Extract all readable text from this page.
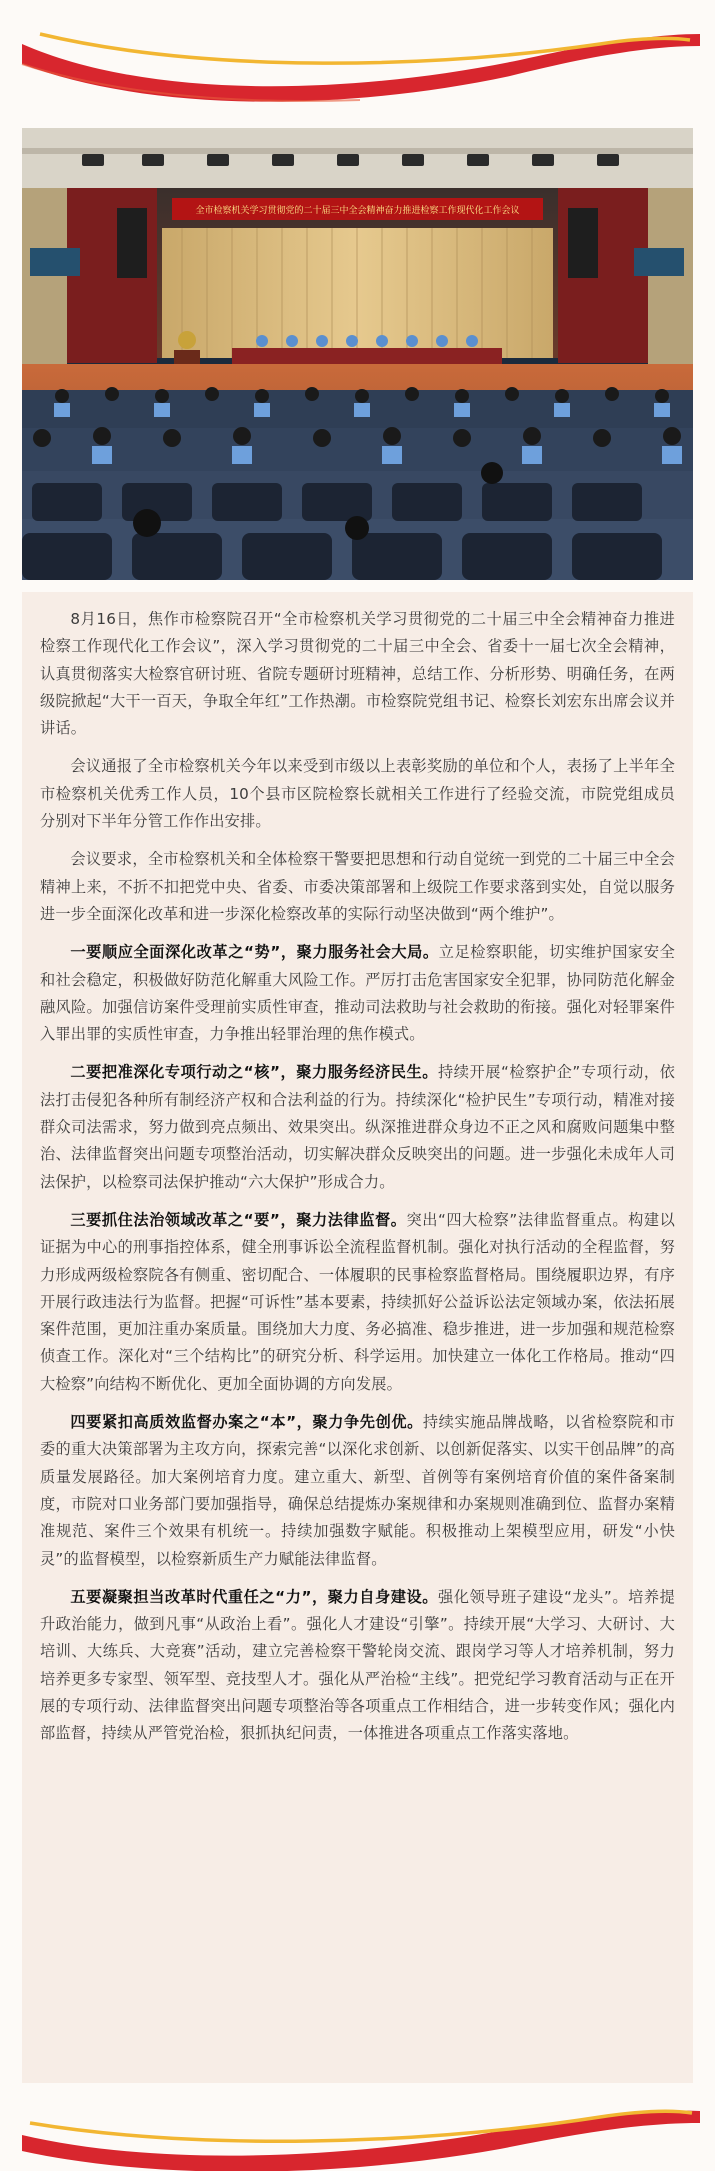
全市检察机关学习贯彻党的二十届三中全会精神奋力推进检察工作现代化工作会议

8月16日，焦作市检察院召开“全市检察机关学习贯彻党的二十届三中全会精神奋力推进检察工作现代化工作会议”，深入学习贯彻党的二十届三中全会、省委十一届七次全会精神，认真贯彻落实大检察官研讨班、省院专题研讨班精神，总结工作、分析形势、明确任务，在两级院掀起“大干一百天，争取全年红”工作热潮。市检察院党组书记、检察长刘宏东出席会议并讲话。

会议通报了全市检察机关今年以来受到市级以上表彰奖励的单位和个人，表扬了上半年全市检察机关优秀工作人员，10个县市区院检察长就相关工作进行了经验交流，市院党组成员分别对下半年分管工作作出安排。

会议要求，全市检察机关和全体检察干警要把思想和行动自觉统一到党的二十届三中全会精神上来，不折不扣把党中央、省委、市委决策部署和上级院工作要求落到实处，自觉以服务进一步全面深化改革和进一步深化检察改革的实际行动坚决做到“两个维护”。

一要顺应全面深化改革之“势”，聚力服务社会大局。立足检察职能，切实维护国家安全和社会稳定，积极做好防范化解重大风险工作。严厉打击危害国家安全犯罪，协同防范化解金融风险。加强信访案件受理前实质性审查，推动司法救助与社会救助的衔接。强化对轻罪案件入罪出罪的实质性审查，力争推出轻罪治理的焦作模式。

二要把准深化专项行动之“核”，聚力服务经济民生。持续开展“检察护企”专项行动，依法打击侵犯各种所有制经济产权和合法利益的行为。持续深化“检护民生”专项行动，精准对接群众司法需求，努力做到亮点频出、效果突出。纵深推进群众身边不正之风和腐败问题集中整治、法律监督突出问题专项整治活动，切实解决群众反映突出的问题。进一步强化未成年人司法保护，以检察司法保护推动“六大保护”形成合力。

三要抓住法治领域改革之“要”，聚力法律监督。突出“四大检察”法律监督重点。构建以证据为中心的刑事指控体系，健全刑事诉讼全流程监督机制。强化对执行活动的全程监督，努力形成两级检察院各有侧重、密切配合、一体履职的民事检察监督格局。围绕履职边界，有序开展行政违法行为监督。把握“可诉性”基本要素，持续抓好公益诉讼法定领域办案，依法拓展案件范围，更加注重办案质量。围绕加大力度、务必搞准、稳步推进，进一步加强和规范检察侦查工作。深化对“三个结构比”的研究分析、科学运用。加快建立一体化工作格局。推动“四大检察”向结构不断优化、更加全面协调的方向发展。

四要紧扣高质效监督办案之“本”，聚力争先创优。持续实施品牌战略，以省检察院和市委的重大决策部署为主攻方向，探索完善“以深化求创新、以创新促落实、以实干创品牌”的高质量发展路径。加大案例培育力度。建立重大、新型、首例等有案例培育价值的案件备案制度，市院对口业务部门要加强指导，确保总结提炼办案规律和办案规则准确到位、监督办案精准规范、案件三个效果有机统一。持续加强数字赋能。积极推动上架模型应用，研发“小快灵”的监督模型，以检察新质生产力赋能法律监督。

五要凝聚担当改革时代重任之“力”，聚力自身建设。强化领导班子建设“龙头”。培养提升政治能力，做到凡事“从政治上看”。强化人才建设“引擎”。持续开展“大学习、大研讨、大培训、大练兵、大竞赛”活动，建立完善检察干警轮岗交流、跟岗学习等人才培养机制，努力培养更多专家型、领军型、竞技型人才。强化从严治检“主线”。把党纪学习教育活动与正在开展的专项行动、法律监督突出问题专项整治等各项重点工作相结合，进一步转变作风；强化内部监督，持续从严管党治检，狠抓执纪问责，一体推进各项重点工作落实落地。
